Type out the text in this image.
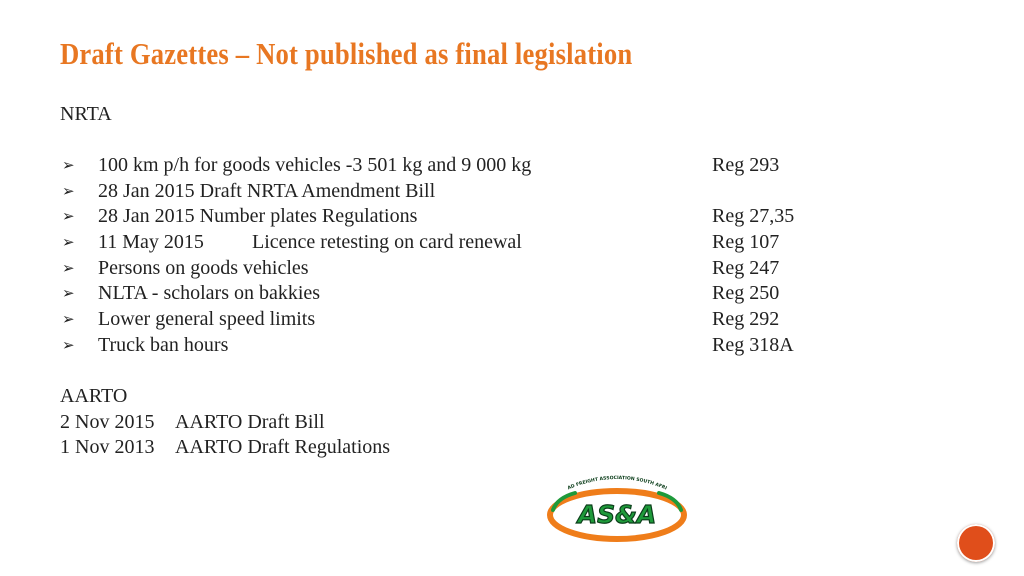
Draft Gazettes – Not published as final legislation
NRTA
➢ 100 km p/h for goods vehicles -3 501 kg and 9 000 kg	Reg 293
➢ 28 Jan 2015 Draft NRTA Amendment Bill
➢ 28 Jan 2015 Number plates Regulations	Reg 27,35
➢ 11 May 2015 Licence retesting on card renewal	Reg 107
➢ Persons on goods vehicles	Reg 247
➢ NLTA - scholars on bakkies	Reg 250
➢ Lower general speed limits	Reg 292
➢ Truck ban hours	Reg 318A
AARTO
2 Nov 2015 AARTO Draft Bill
1 Nov 2013 AARTO Draft Regulations
AD FREIGHT ASSOCIATION SOUTH AFRI
AS&A
